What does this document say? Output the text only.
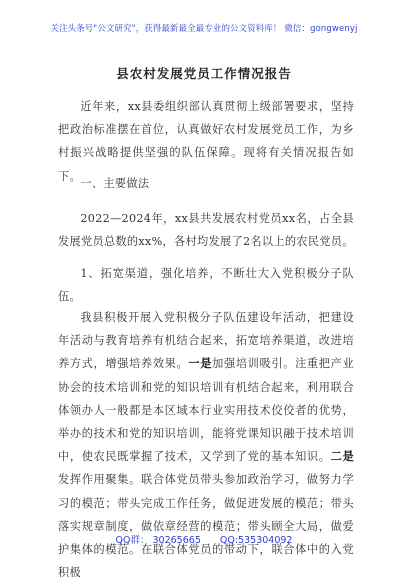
关注头条号"公文研究"，获得最新最全最专业的公文资料库！ 微信：gongwenyj
县农村发展党员工作情况报告

近年来，xx县委组织部认真贯彻上级部署要求，坚持把政治标准摆在首位，认真做好农村发展党员工作，为乡村振兴战略提供坚强的队伍保障。现将有关情况报告如下。

一、主要做法

2022—2024年，xx县共发展农村党员xx名，占全县发展党员总数的xx%，各村均发展了2名以上的农民党员。

1、拓宽渠道，强化培养，不断壮大入党积极分子队伍。

我县积极开展入党积极分子队伍建设年活动，把建设年活动与教育培养有机结合起来，拓宽培养渠道，改进培养方式，增强培养效果。一是加强培训吸引。注重把产业协会的技术培训和党的知识培训有机结合起来，利用联合体领办人一般都是本区域本行业实用技术佼佼者的优势，举办的技术和党的知识培训，能将党课知识融于技术培训中，使农民既掌握了技术，又学到了党的基本知识。二是发挥作用聚集。联合体党员带头参加政治学习，做努力学习的模范；带头完成工作任务，做促进发展的模范；带头落实规章制度，做依章经营的模范；带头顾全大局，做爱护集体的模范。在联合体党员的带动下，联合体中的入党积极

QQ群： 30265665 QQ:535304092
